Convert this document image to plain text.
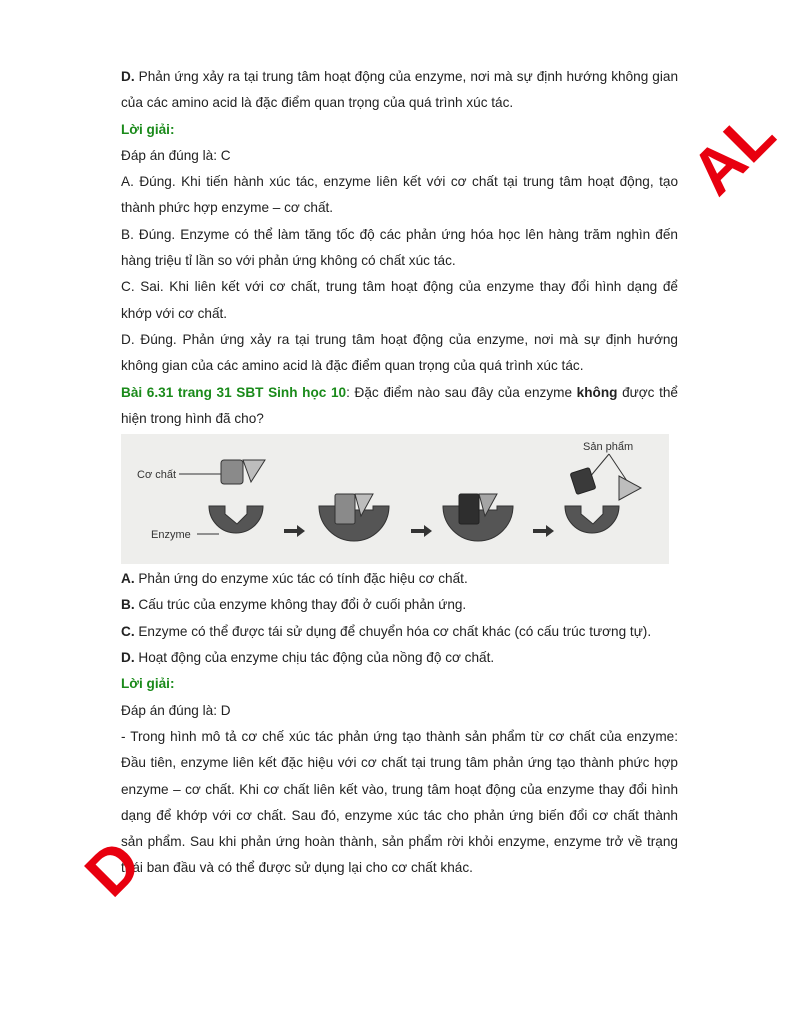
D. Phản ứng xảy ra tại trung tâm hoạt động của enzyme, nơi mà sự định hướng không gian của các amino acid là đặc điểm quan trọng của quá trình xúc tác.

Lời giải:

Đáp án đúng là: C

A. Đúng. Khi tiến hành xúc tác, enzyme liên kết với cơ chất tại trung tâm hoạt động, tạo thành phức hợp enzyme – cơ chất.

B. Đúng. Enzyme có thể làm tăng tốc độ các phản ứng hóa học lên hàng trăm nghìn đến hàng triệu tỉ lần so với phản ứng không có chất xúc tác.

C. Sai. Khi liên kết với cơ chất, trung tâm hoạt động của enzyme thay đổi hình dạng để khớp với cơ chất.

D. Đúng. Phản ứng xảy ra tại trung tâm hoạt động của enzyme, nơi mà sự định hướng không gian của các amino acid là đặc điểm quan trọng của quá trình xúc tác.

Bài 6.31 trang 31 SBT Sinh học 10: Đặc điểm nào sau đây của enzyme không được thể hiện trong hình đã cho?

Cơ chất
Enzyme
Sản phẩm

A. Phản ứng do enzyme xúc tác có tính đặc hiệu cơ chất.

B. Cấu trúc của enzyme không thay đổi ở cuối phản ứng.

C. Enzyme có thể được tái sử dụng để chuyển hóa cơ chất khác (có cấu trúc tương tự).

D. Hoạt động của enzyme chịu tác động của nồng độ cơ chất.

Lời giải:

Đáp án đúng là: D

- Trong hình mô tả cơ chế xúc tác phản ứng tạo thành sản phẩm từ cơ chất của enzyme: Đầu tiên, enzyme liên kết đặc hiệu với cơ chất tại trung tâm phản ứng tạo thành phức hợp enzyme – cơ chất. Khi cơ chất liên kết vào, trung tâm hoạt động của enzyme thay đổi hình dạng để khớp với cơ chất. Sau đó, enzyme xúc tác cho phản ứng biến đổi cơ chất thành sản phẩm. Sau khi phản ứng hoàn thành, sản phẩm rời khỏi enzyme, enzyme trở về trạng thái ban đầu và có thể được sử dụng lại cho cơ chất khác.

AL
D
